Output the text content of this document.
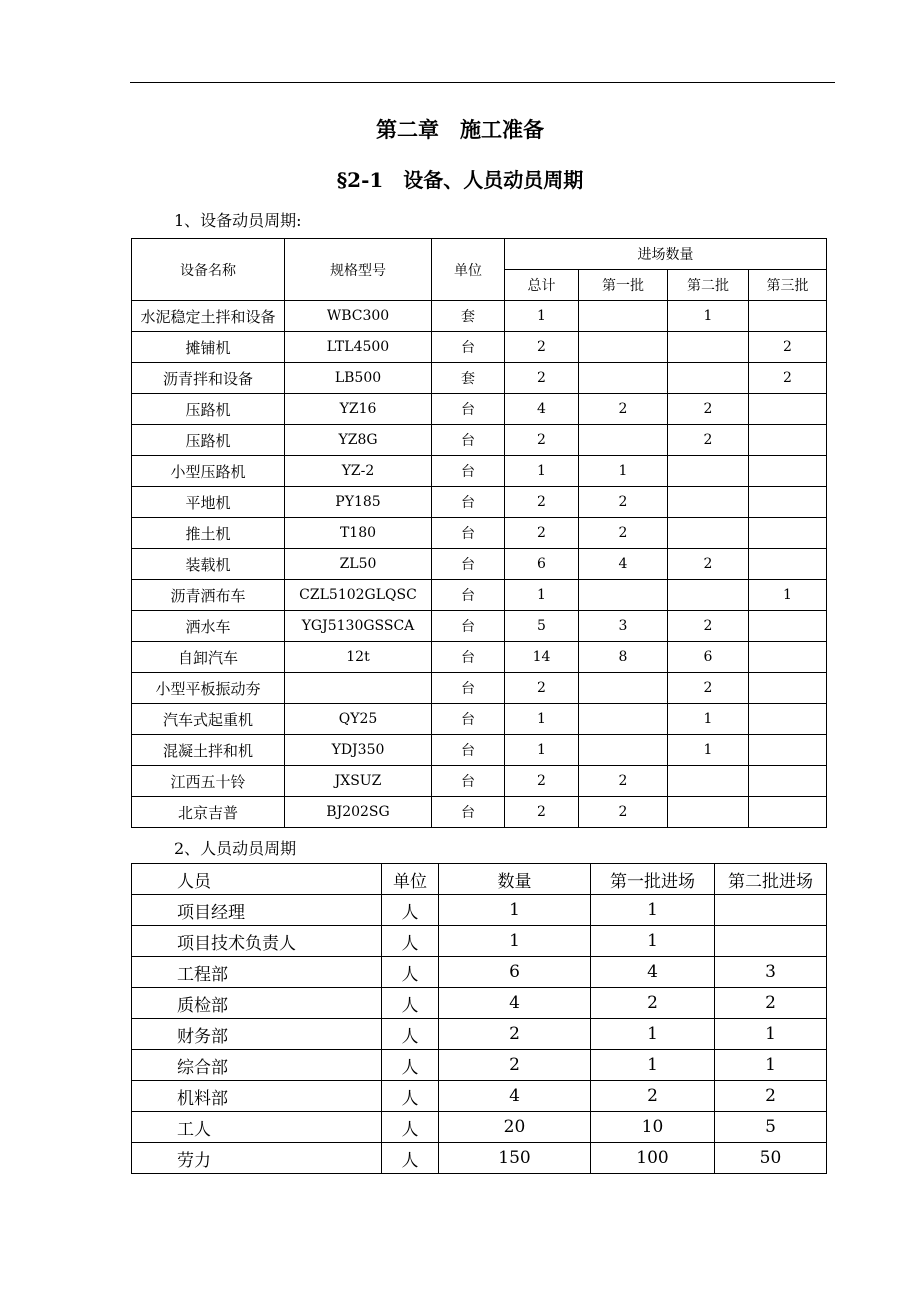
第二章　施工准备
§2-1　设备、人员动员周期
1、设备动员周期:
设备名称	规格型号	单位	进场数量			
			总计	第一批	第二批	第三批
水泥稳定土拌和设备	WBC300	套	1		1	
摊铺机	LTL4500	台	2			2
沥青拌和设备	LB500	套	2			2
压路机	YZ16	台	4	2	2	
压路机	YZ8G	台	2		2	
小型压路机	YZ-2	台	1	1		
平地机	PY185	台	2	2		
推土机	T180	台	2	2		
装载机	ZL50	台	6	4	2	
沥青洒布车	CZL5102GLQSC	台	1			1
洒水车	YGJ5130GSSCA	台	5	3	2	
自卸汽车	12t	台	14	8	6	
小型平板振动夯		台	2		2	
汽车式起重机	QY25	台	1		1	
混凝土拌和机	YDJ350	台	1		1	
江西五十铃	JXSUZ	台	2	2		
北京吉普	BJ202SG	台	2	2		
2、人员动员周期
人员	单位	数量	第一批进场	第二批进场
项目经理	人	1	1	
项目技术负责人	人	1	1	
工程部	人	6	4	3
质检部	人	4	2	2
财务部	人	2	1	1
综合部	人	2	1	1
机料部	人	4	2	2
工人	人	20	10	5
劳力	人	150	100	50
